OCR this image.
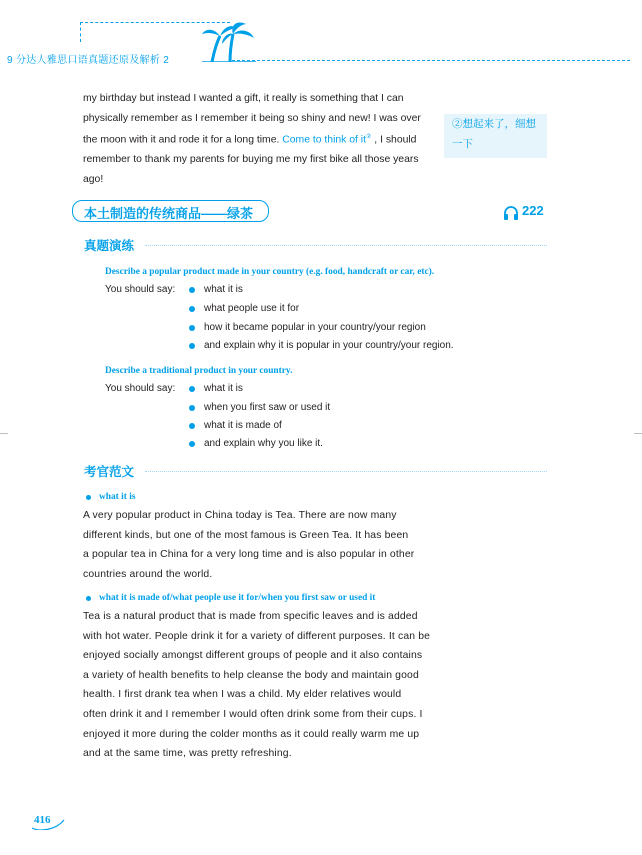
9 分达人雅思口语真题还原及解析 2

my birthday but instead I wanted a gift, it really is something that I can

physically remember as I remember it being so shiny and new! I was over

the moon with it and rode it for a long time. Come to think of it② , I should

remember to thank my parents for buying me my first bike all those years

ago!

②想起来了，细想
一下
本土制造的传统商品——绿茶	222
真题演练
Describe a popular product made in your country (e.g. food, handcraft or car, etc).
You should say:	what it is
what people use it for
how it became popular in your country/your region
and explain why it is popular in your country/your region.
Describe a traditional product in your country.
You should say:	what it is
when you first saw or used it
what it is made of
and explain why you like it.
考官范文
what it is

A very popular product in China today is Tea. There are now many

different kinds, but one of the most famous is Green Tea. It has been

a popular tea in China for a very long time and is also popular in other

countries around the world.

what it is made of/what people use it for/when you first saw or used it

Tea is a natural product that is made from specific leaves and is added

with hot water. People drink it for a variety of different purposes. It can be

enjoyed socially amongst different groups of people and it also contains

a variety of health benefits to help cleanse the body and maintain good

health. I first drank tea when I was a child. My elder relatives would

often drink it and I remember I would often drink some from their cups. I

enjoyed it more during the colder months as it could really warm me up

and at the same time, was pretty refreshing.

416
